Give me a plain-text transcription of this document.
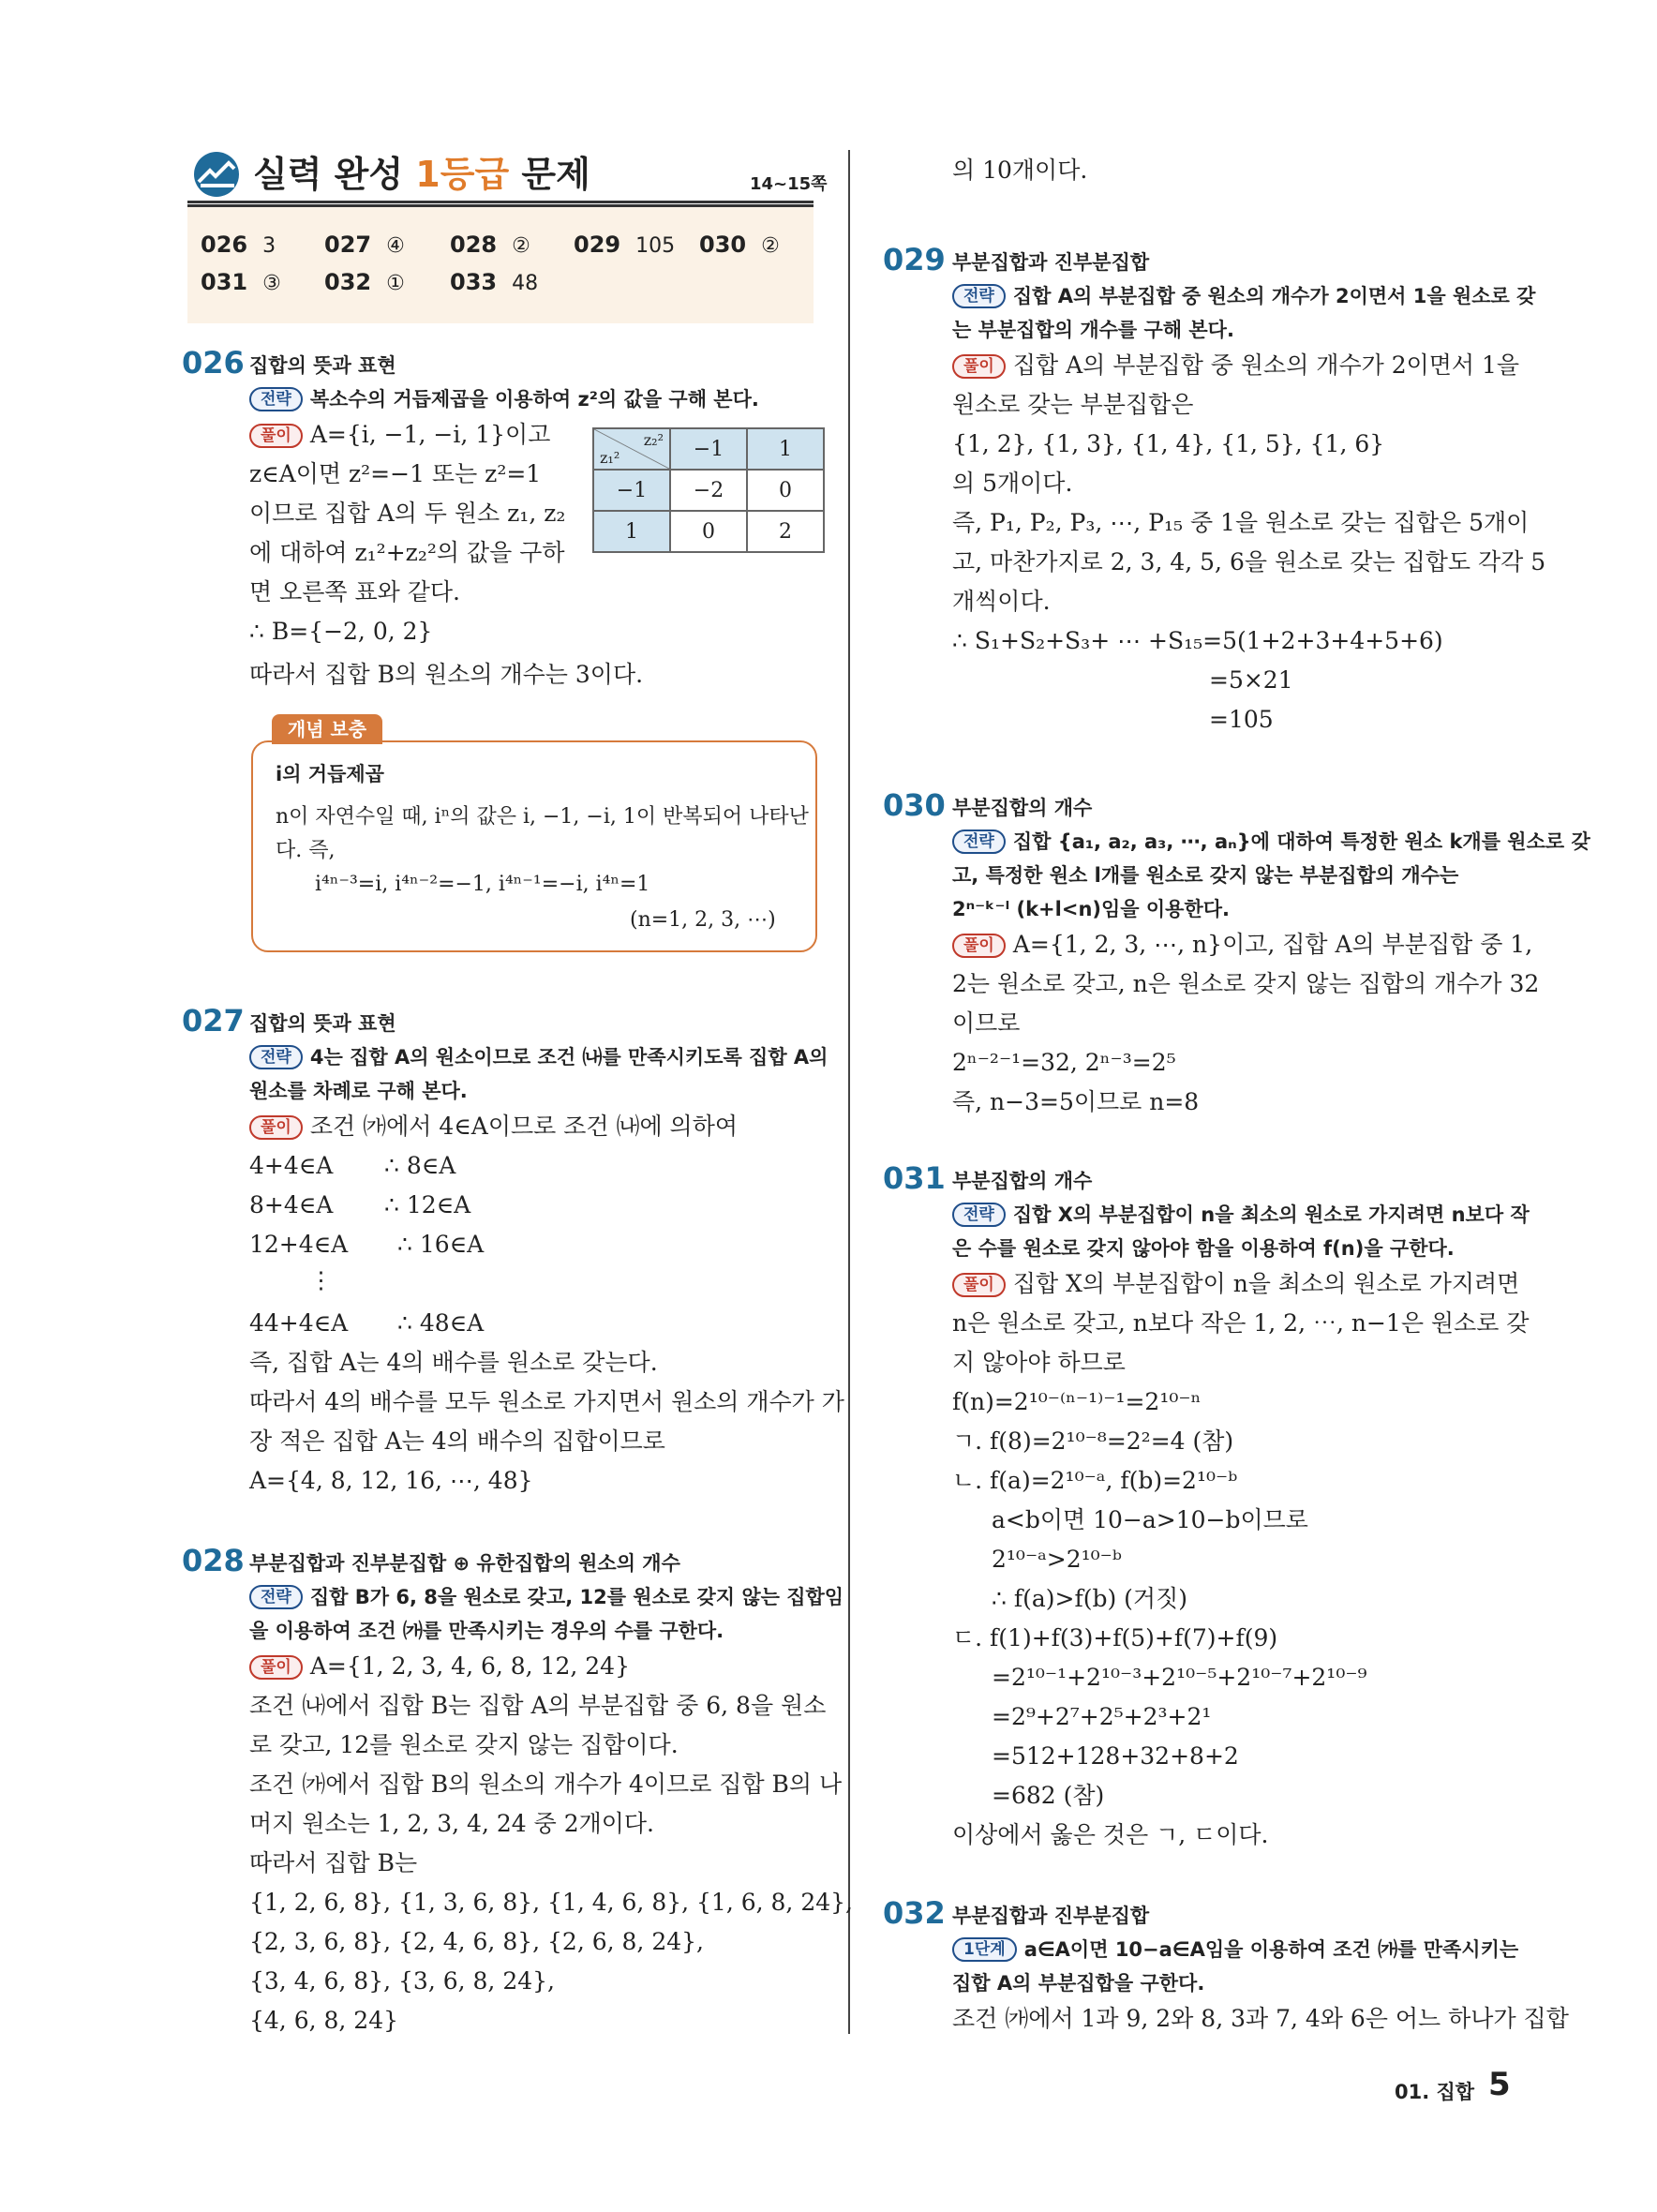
실력 완성 1등급 문제	14~15쪽
026 3 027 ④ 028 ② 029 105 030 ②
031 ③ 032 ① 033 48
026 집합의 뜻과 표현
전략 복소수의 거듭제곱을 이용하여 z²의 값을 구해 본다.
풀이 A={i, −1, −i, 1}이고
z∈A이면 z²=−1 또는 z²=1
이므로 집합 A의 두 원소 z₁, z₂
에 대하여 z₁²+z₂²의 값을 구하
면 오른쪽 표와 같다.
∴ B={−2, 0, 2}
따라서 집합 B의 원소의 개수는 3이다.
z₂²
z₁²	−1	1
−1	−2	0
1	0	2
개념 보충
i의 거듭제곱
n이 자연수일 때, iⁿ의 값은 i, −1, −i, 1이 반복되어 나타난
다. 즉,
i⁴ⁿ⁻³=i, i⁴ⁿ⁻²=−1, i⁴ⁿ⁻¹=−i, i⁴ⁿ=1
(n=1, 2, 3, ⋯)
027 집합의 뜻과 표현
전략 4는 집합 A의 원소이므로 조건 ㈏를 만족시키도록 집합 A의
원소를 차례로 구해 본다.
풀이 조건 ㈎에서 4∈A이므로 조건 ㈏에 의하여
4+4∈A ∴ 8∈A
8+4∈A ∴ 12∈A
12+4∈A ∴ 16∈A
⋮
44+4∈A ∴ 48∈A
즉, 집합 A는 4의 배수를 원소로 갖는다.
따라서 4의 배수를 모두 원소로 가지면서 원소의 개수가 가
장 적은 집합 A는 4의 배수의 집합이므로
A={4, 8, 12, 16, ⋯, 48}
028 부분집합과 진부분집합 ⊕ 유한집합의 원소의 개수
전략 집합 B가 6, 8을 원소로 갖고, 12를 원소로 갖지 않는 집합임
을 이용하여 조건 ㈎를 만족시키는 경우의 수를 구한다.
풀이 A={1, 2, 3, 4, 6, 8, 12, 24}
조건 ㈏에서 집합 B는 집합 A의 부분집합 중 6, 8을 원소
로 갖고, 12를 원소로 갖지 않는 집합이다.
조건 ㈎에서 집합 B의 원소의 개수가 4이므로 집합 B의 나
머지 원소는 1, 2, 3, 4, 24 중 2개이다.
따라서 집합 B는
{1, 2, 6, 8}, {1, 3, 6, 8}, {1, 4, 6, 8}, {1, 6, 8, 24},
{2, 3, 6, 8}, {2, 4, 6, 8}, {2, 6, 8, 24},
{3, 4, 6, 8}, {3, 6, 8, 24},
{4, 6, 8, 24}
의 10개이다.
029 부분집합과 진부분집합
전략 집합 A의 부분집합 중 원소의 개수가 2이면서 1을 원소로 갖
는 부분집합의 개수를 구해 본다.
풀이 집합 A의 부분집합 중 원소의 개수가 2이면서 1을
원소로 갖는 부분집합은
{1, 2}, {1, 3}, {1, 4}, {1, 5}, {1, 6}
의 5개이다.
즉, P₁, P₂, P₃, ⋯, P₁₅ 중 1을 원소로 갖는 집합은 5개이
고, 마찬가지로 2, 3, 4, 5, 6을 원소로 갖는 집합도 각각 5
개씩이다.
∴ S₁+S₂+S₃+ ⋯ +S₁₅=5(1+2+3+4+5+6)
=5×21
=105
030 부분집합의 개수
전략 집합 {a₁, a₂, a₃, ⋯, aₙ}에 대하여 특정한 원소 k개를 원소로 갖
고, 특정한 원소 l개를 원소로 갖지 않는 부분집합의 개수는
2ⁿ⁻ᵏ⁻ˡ (k+l<n)임을 이용한다.
풀이 A={1, 2, 3, ⋯, n}이고, 집합 A의 부분집합 중 1,
2는 원소로 갖고, n은 원소로 갖지 않는 집합의 개수가 32
이므로
2ⁿ⁻²⁻¹=32, 2ⁿ⁻³=2⁵
즉, n−3=5이므로 n=8
031 부분집합의 개수
전략 집합 X의 부분집합이 n을 최소의 원소로 가지려면 n보다 작
은 수를 원소로 갖지 않아야 함을 이용하여 f(n)을 구한다.
풀이 집합 X의 부분집합이 n을 최소의 원소로 가지려면
n은 원소로 갖고, n보다 작은 1, 2, ⋯, n−1은 원소로 갖
지 않아야 하므로
f(n)=2¹⁰⁻⁽ⁿ⁻¹⁾⁻¹=2¹⁰⁻ⁿ
ㄱ. f(8)=2¹⁰⁻⁸=2²=4 (참)
ㄴ. f(a)=2¹⁰⁻ᵃ, f(b)=2¹⁰⁻ᵇ
a<b이면 10−a>10−b이므로
2¹⁰⁻ᵃ>2¹⁰⁻ᵇ
∴ f(a)>f(b) (거짓)
ㄷ. f(1)+f(3)+f(5)+f(7)+f(9)
=2¹⁰⁻¹+2¹⁰⁻³+2¹⁰⁻⁵+2¹⁰⁻⁷+2¹⁰⁻⁹
=2⁹+2⁷+2⁵+2³+2¹
=512+128+32+8+2
=682 (참)
이상에서 옳은 것은 ㄱ, ㄷ이다.
032 부분집합과 진부분집합
1단계 a∈A이면 10−a∈A임을 이용하여 조건 ㈎를 만족시키는
집합 A의 부분집합을 구한다.
조건 ㈎에서 1과 9, 2와 8, 3과 7, 4와 6은 어느 하나가 집합
01. 집합 5
